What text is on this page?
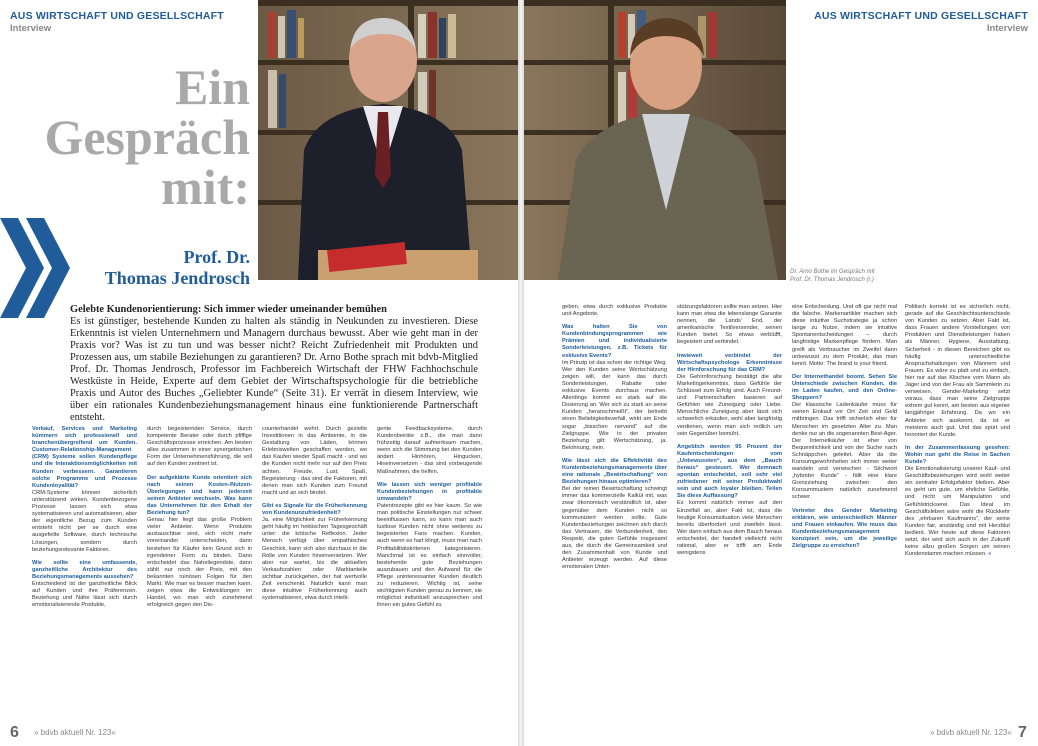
AUS WIRTSCHAFT UND GESELLSCHAFT
Interview
AUS WIRTSCHAFT UND GESELLSCHAFT
Interview
Ein
Gespräch
mit:
Prof. Dr.
Thomas Jendrosch	Dr. Arno Bothe im Gespräch mit
Prof. Dr. Thomas Jendrosch (r.)
Gelebte Kundenorientierung: Sich immer wieder umeinander bemühen
Es ist günstiger, bestehende Kunden zu halten als ständig in Neukunden zu investieren. Diese Erkenntnis ist vielen Unternehmern und Managern durchaus bewusst. Aber wie geht man in der Praxis vor? Was ist zu tun und was besser nicht? Reicht Zufriedenheit mit Produkten und Prozessen aus, um stabile Beziehungen zu garantieren? Dr. Arno Bothe sprach mit bdvb-Mitglied Prof. Dr. Thomas Jendrosch, Professor im Fachbereich Wirtschaft der FHW Fachhochschule Westküste in Heide, Experte auf dem Gebiet der Wirtschaftspsychologie für die betriebliche Praxis und Autor des Buches „Geliebter Kunde“ (Seite 31). Er verrät in diesem Interview, wie über ein rationales Kundenbeziehungsmanagement hinaus eine funktionierende Partnerschaft entsteht.
Verkauf, Services und Marketing kümmern sich professionell und branchenübergreifend um Kunden. Customer-Relationship-Management (CRM) Systeme sollen Kundenpflege und die Interaktionsmöglichkeiten mit Kunden verbessern. Garantieren solche Programme und Prozesse Kundenloyalität?
CRM-Systeme können sicherlich unterstützend wirken. Kundenbezogene Prozesse lassen sich etwa systematisieren und automatisieren, aber der eigentliche Bezug zum Kunden entsteht nicht per se durch eine ausgefeilte Software, durch technische Lösungen, sondern durch beziehungsrelevante Faktoren.
Wie sollte eine umfassende, ganzheitliche Architektur des Beziehungsmanagements aussehen?
Entscheidend ist der ganzheitliche Blick auf Kunden und ihre Präferenzen. Beziehung und Nähe lässt sich durch emotionalisierende Produkte,
durch begeisternden Service, durch kompetente Berater oder durch pfiffige Geschäftsprozesse erreichen. Am besten alles zusammen in einer synergetischen Form der Unternehmensführung, die voll auf den Kunden zentriert ist.
Der aufgeklärte Kunde orientiert sich nach seinen Kosten-/Nutzen-Überlegungen und kann jederzeit seinen Anbieter wechseln. Was kann das Unternehmen für den Erhalt der Beziehung tun?
Genau hier liegt das große Problem vieler Anbieter. Wenn Produkte austauschbar sind, sich nicht mehr voneinander unterscheiden, dann bestehen für Käufer kein Grund sich in irgendeiner Form zu binden. Dann entscheidet das Naheliegendste, dann zählt nur noch der Preis, mit den bekannten ruinösen Folgen für den Markt. Wie man es besser machen kann, zeigen etwa die Entwicklungen im Handel, wo man sich zunehmend erfolgreich gegen den Dis-
counterhandel wehrt. Durch gezielte Investitionen in das Ambiente, in die Gestaltung von Läden, können Erlebniswelten geschaffen werden, wo das Kaufen wieder Spaß macht - und wo die Kunden nicht mehr nur auf den Preis achten. Freude, Lust, Spaß, Begeisterung - das sind die Faktoren, mit denen man sich Kunden zum Freund macht und an sich bindet.
Gibt es Signale für die Früherkennung von Kundenunzufriedenheit?
Ja, eine Möglichkeit zur Früherkennung geht häufig im hektischen Tagesgeschäft unter: die kritische Reflexion. Jeder Mensch verfügt über empathisches Geschick, kann sich also durchaus in die Rolle von Kunden hineinversetzen. Wer aber nur wartet, bis die aktuellen Verkaufszahlen oder Marktanteile sichtbar zurückgehen, der hat wertvolle Zeit verschenkt. Natürlich kann man diese intuitive Früherkennung auch systematisieren, etwa durch intelli-
gente Feedbacksysteme, durch Kundenbeiräte z.B., die man dann frühzeitig darauf aufmerksam machen, wenn sich die Stimmung bei den Kunden ändert. Hinhören, Hingucken, Hineinversetzen - das sind vorbeugende Maßnahmen, die helfen.
Wie lassen sich weniger profitable Kundenbeziehungen in profitable umwandeln?
Patentrezepte gibt es hier kaum. So wie man politische Einstellungen nur schwer beeinflussen kann, so kann man auch lustlose Kunden nicht ohne weiteres zu begeisterten Fans machen. Kunden, auch wenn es hart klingt, muss man nach Profitabilitätskriterien kategorisieren. Manchmal ist es einfach sinnvoller, bestehende gute Beziehungen auszubauen und den Aufwand für die Pflege uninteressanter Kunden deutlich zu reduzieren. Wichtig ist, seine wichtigsten Kunden genau zu kennen, sie möglichst individuell anzusprechen und ihnen ein gutes Gefühl zu
geben, etwa durch exklusive Produkte und Angebote.
Was halten Sie von Kundenbindungsprogrammen wie Prämien und individualisierte Sonderleistungen, z.B. Tickets für exklusive Events?
Im Prinzip ist das schon der richtige Weg. Wer den Kunden seine Wertschätzung zeigen will, der kann das durch Sonderleistungen, Rabatte oder exklusive Events durchaus machen. Allerdings kommt es stark auf die Dosierung an. Wer sich zu stark an seine Kunden „heranschmeißt“, der betreibt einen Beliebigkeitsverfall, wirkt am Ende sogar „bisschen nervend“ auf die Zielgruppe. Wie in der privaten Beziehung gilt: Wertschätzung, ja. Belohnung, nein.
Wie lässt sich die Effektivität des Kundenbeziehungsmanagements über eine rationale „Bewirtschaftung“ von Beziehungen hinaus optimieren?
Bei der reinen Bewirtschaftung schwingt immer das kommerzielle Kalkül mit, was zwar ökonomisch verständlich ist, aber gegenüber dem Kunden nicht so kommuniziert werden sollte. Gute Kundenbeziehungen zeichnen sich durch das Vertrauen, die Verbundenheit, den Respekt, die guten Gefühle insgesamt aus, die durch die Gemeinsamkeit und den Zusammenhalt von Kunde und Anbieter erzeugt werden. Auf diese emotionalen Unter-
stützungsfaktoren sollte man setzen. Hier kann man etwa die lebenslange Garantie nennen, die Lands' End, der amerikanische Textilversender, seinen Kunden bietet. So etwas verblüfft, begeistert und verbindet.
Inwieweit verbindet der Wirtschaftspsychologe Erkenntnisse der Hirnforschung für das CRM?
Die Gehirnforschung bestätigt die alte Marketingerkenntnis, dass Gefühle der Schlüssel zum Erfolg sind. Auch Freund- und Partnerschaften basieren auf Gefühlen wie Zuneigung oder Liebe. Menschliche Zuneigung aber lässt sich schwerlich erkaufen, wohl aber langfristig verdienen, wenn man sich redlich um sein Gegenüber bemüht.
Angeblich werden 95 Prozent der Kaufentscheidungen vom „Unbewussten“, aus dem „Bauch heraus“ gesteuert. Wer demnach spontan entscheidet, soll sehr viel zufriedener mit seiner Produktwahl sein und auch loyaler bleiben. Teilen Sie diese Auffassung?
Es kommt natürlich immer auf den Einzelfall an, aber Fakt ist, dass die heutige Konsumsituation viele Menschen bereits überfordert und zweifeln lässt. Wer dann einfach aus dem Bauch heraus entscheidet, der handelt vielleicht nicht rational, aber er trifft am Ende wenigstens
eine Entscheidung. Und oft gar nicht mal die falsche. Markenartikler machen sich diese intuitive Suchstrategie ja schon lange zu Nutze, indem sie intuitive Spontanentscheidungen – durch langfristige Markenpflege fördern. Man greift als Verbraucher im Zweifel dann unbewusst zu dem Produkt, das man kennt. Motto: The brand is your friend.
Der Internethandel boomt. Sehen Sie Unterschiede zwischen Kunden, die im Laden kaufen, und den Online-Shoppern?
Der klassische Ladenkäufer muss für seinen Einkauf vor Ort Zeit und Geld mitbringen. Das trifft sicherlich eher für Menschen im gesetzten Alter zu. Man denke nur an die sogenannten Best-Ager. Der Internetkäufer ist eher von Bequemlichkeit und von der Suche nach Schnäppchen geleitet. Aber da die Konsumgewohnheiten sich immer weiter wandeln und verwischen - Stichwort „hybrider Kunde“ - fällt eine klare Grenzziehung zwischen den Konsummustern natürlich zunehmend schwer.
Vertreter des Gender Marketing erklären, wie unterschiedlich Männer und Frauen einkaufen. Wie muss das Kundenbeziehungsmanagement konzipiert sein, um die jeweilige Zielgruppe zu erreichen?
Politisch korrekt ist es sicherlich nicht, gerade auf die Geschlechtsunterschiede von Kunden zu setzen. Aber Fakt ist, dass Frauen andere Vorstellungen von Produkten und Dienstleistungen haben als Männer. Hygiene, Ausstattung, Sicherheit - in diesen Bereichen gibt es häufig unterschiedliche Anspruchshaltungen von Männern und Frauen. Es wäre zu platt und zu einfach, hier nur auf das Klischee vom Mann als Jäger und von der Frau als Sammlerin zu verweisen. Gender-Marketing setzt voraus, dass man seine Zielgruppe extrem gut kennt, am besten aus eigener langjähriger Erfahrung. Da wo ein Anbieter sich auskennt, da ist er meistens auch gut. Und das spürt und honoriert der Kunde.
In der Zusammenfassung gesehen: Wohin nun geht die Reise in Sachen Kunde?
Die Emotionalisierung unserer Kauf- und Geschäftsbeziehungen wird wohl weiter ein zentraler Erfolgsfaktor bleiben. Aber es geht um gute, um ehrliche Gefühle, und nicht um Manipulation und Gefühlstrickserei. Das Ideal im Geschäftsleben wäre wohl die Rückkehr des „ehrbaren Kaufmanns“, der seine Kunden fair, anständig und mit Herzblut bedient. Wer heute auf diese Faktoren setzt, der wird sich auch in der Zukunft keine allzu großen Sorgen um seinen Kundenstamm machen müssen. «
6 » bdvb aktuell Nr. 123«	» bdvb aktuell Nr. 123« 7
